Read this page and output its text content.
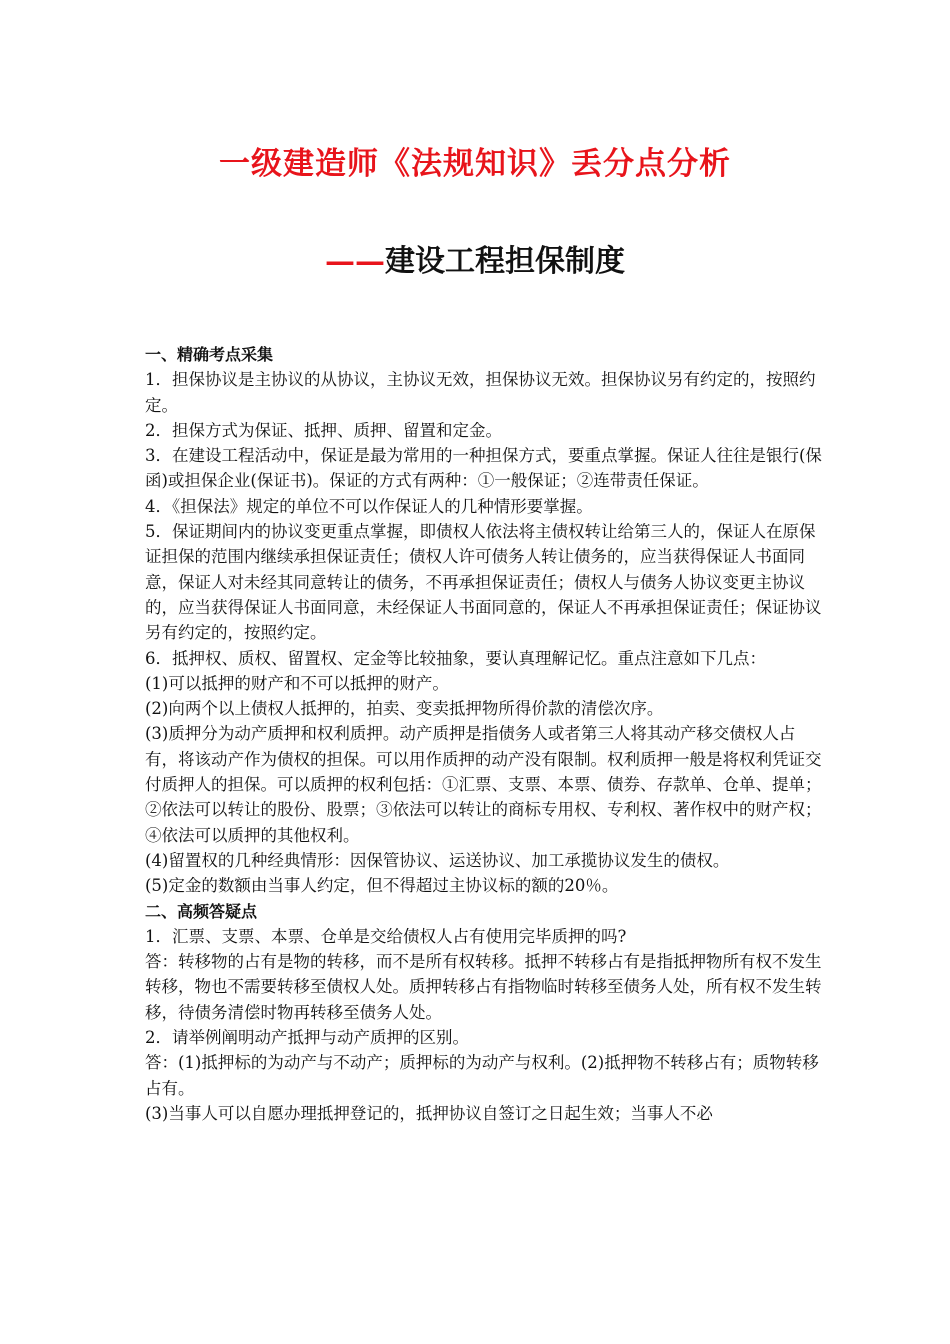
一级建造师《法规知识》丢分点分析
——建设工程担保制度

一、精确考点采集

1．担保协议是主协议的从协议，主协议无效，担保协议无效。担保协议另有约定的，按照约定。

2．担保方式为保证、抵押、质押、留置和定金。

3．在建设工程活动中，保证是最为常用的一种担保方式，要重点掌握。保证人往往是银行(保函)或担保企业(保证书)。保证的方式有两种：①一般保证；②连带责任保证。

4．《担保法》规定的单位不可以作保证人的几种情形要掌握。

5．保证期间内的协议变更重点掌握，即债权人依法将主债权转让给第三人的，保证人在原保证担保的范围内继续承担保证责任；债权人许可债务人转让债务的，应当获得保证人书面同意，保证人对未经其同意转让的债务，不再承担保证责任；债权人与债务人协议变更主协议的，应当获得保证人书面同意，未经保证人书面同意的，保证人不再承担保证责任；保证协议另有约定的，按照约定。

6．抵押权、质权、留置权、定金等比较抽象，要认真理解记忆。重点注意如下几点：

(1)可以抵押的财产和不可以抵押的财产。

(2)向两个以上债权人抵押的，拍卖、变卖抵押物所得价款的清偿次序。

(3)质押分为动产质押和权利质押。动产质押是指债务人或者第三人将其动产移交债权人占有，将该动产作为债权的担保。可以用作质押的动产没有限制。权利质押一般是将权利凭证交付质押人的担保。可以质押的权利包括：①汇票、支票、本票、债券、存款单、仓单、提单；②依法可以转让的股份、股票；③依法可以转让的商标专用权、专利权、著作权中的财产权；④依法可以质押的其他权利。

(4)留置权的几种经典情形：因保管协议、运送协议、加工承揽协议发生的债权。

(5)定金的数额由当事人约定，但不得超过主协议标的额的20％。

二、高频答疑点

1．汇票、支票、本票、仓单是交给债权人占有使用完毕质押的吗?

答：转移物的占有是物的转移，而不是所有权转移。抵押不转移占有是指抵押物所有权不发生转移，物也不需要转移至债权人处。质押转移占有指物临时转移至债务人处，所有权不发生转移，待债务清偿时物再转移至债务人处。

2．请举例阐明动产抵押与动产质押的区别。

答：(1)抵押标的为动产与不动产；质押标的为动产与权利。(2)抵押物不转移占有；质物转移占有。

(3)当事人可以自愿办理抵押登记的，抵押协议自签订之日起生效；当事人不必
